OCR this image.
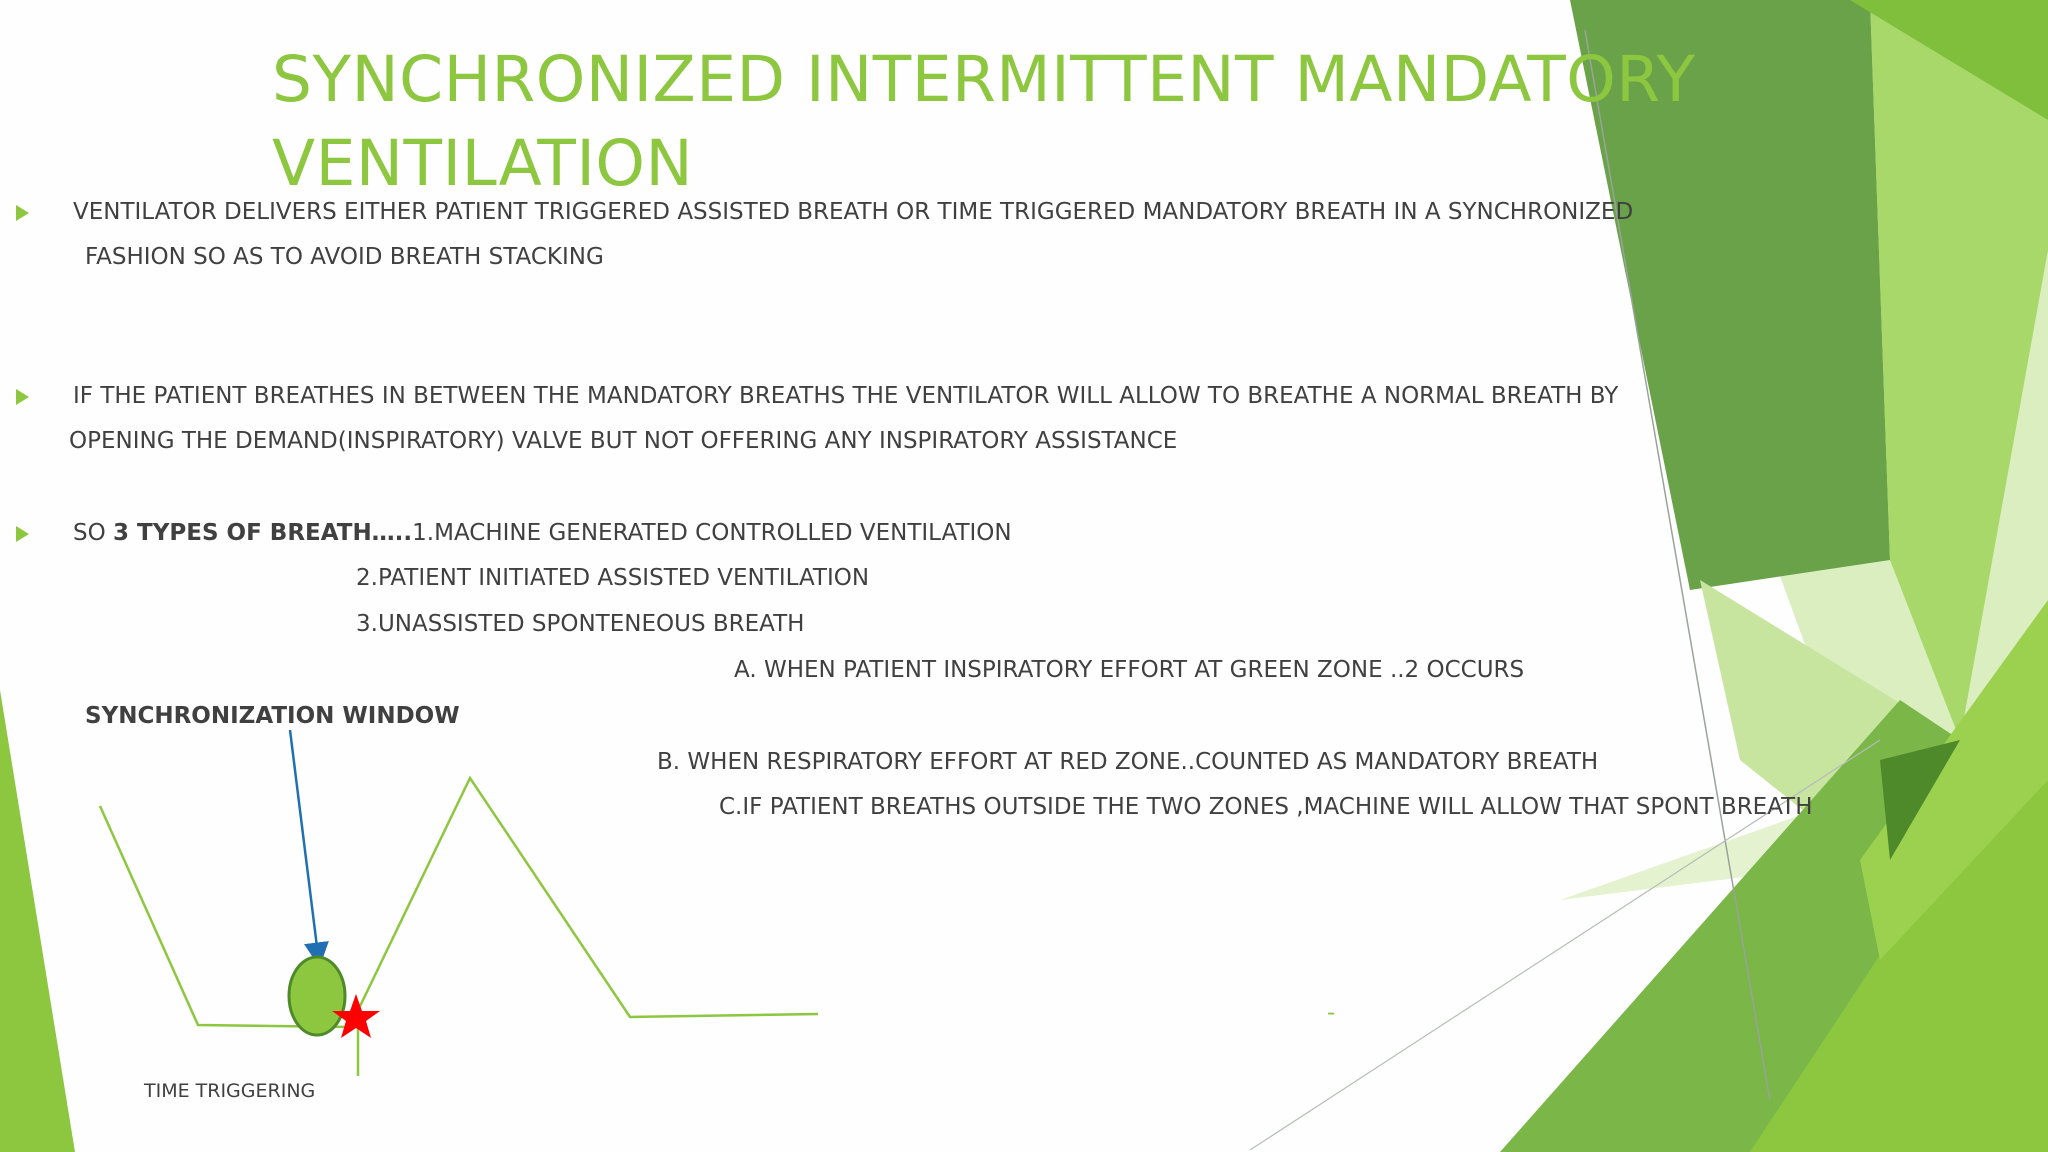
SYNCHRONIZED INTERMITTENT MANDATORY
VENTILATION

VENTILATOR DELIVERS EITHER PATIENT TRIGGERED ASSISTED BREATH OR TIME TRIGGERED MANDATORY BREATH IN A SYNCHRONIZED

FASHION SO AS TO AVOID BREATH STACKING

IF THE PATIENT BREATHES IN BETWEEN THE MANDATORY BREATHS THE VENTILATOR WILL ALLOW TO BREATHE A NORMAL BREATH BY

OPENING THE DEMAND(INSPIRATORY) VALVE BUT NOT OFFERING ANY INSPIRATORY ASSISTANCE

SO 3 TYPES OF BREATH…..1.MACHINE GENERATED CONTROLLED VENTILATION

2.PATIENT INITIATED ASSISTED VENTILATION

3.UNASSISTED SPONTENEOUS BREATH

A. WHEN PATIENT INSPIRATORY EFFORT AT GREEN ZONE ..2 OCCURS

SYNCHRONIZATION WINDOW

B. WHEN RESPIRATORY EFFORT AT RED ZONE..COUNTED AS MANDATORY BREATH

C.IF PATIENT BREATHS OUTSIDE THE TWO ZONES ,MACHINE WILL ALLOW THAT SPONT BREATH

TIME TRIGGERING

-
